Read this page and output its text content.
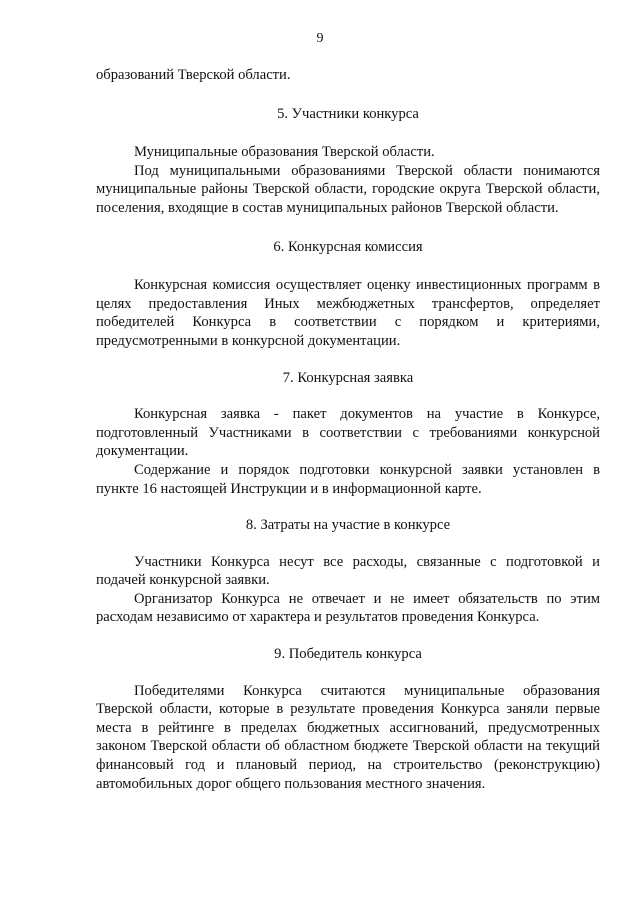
9

образований Тверской области.

5. Участники конкурса

Муниципальные образования Тверской области.

Под муниципальными образованиями Тверской области понимаются муниципальные районы Тверской области, городские округа Тверской области, поселения, входящие в состав муниципальных районов Тверской области.

6. Конкурсная комиссия

Конкурсная комиссия осуществляет оценку инвестиционных программ в целях предоставления Иных межбюджетных трансфертов, определяет победителей Конкурса в соответствии с порядком и критериями, предусмотренными в конкурсной документации.

7. Конкурсная заявка

Конкурсная заявка - пакет документов на участие в Конкурсе, подготовленный Участниками в соответствии с требованиями конкурсной документации.

Содержание и порядок подготовки конкурсной заявки установлен в пункте 16 настоящей Инструкции и в информационной карте.

8. Затраты на участие в конкурсе

Участники Конкурса несут все расходы, связанные с подготовкой и подачей конкурсной заявки.

Организатор Конкурса не отвечает и не имеет обязательств по этим расходам независимо от характера и результатов проведения Конкурса.

9. Победитель конкурса

Победителями Конкурса считаются муниципальные образования Тверской области, которые в результате проведения Конкурса заняли первые места в рейтинге в пределах бюджетных ассигнований, предусмотренных законом Тверской области об областном бюджете Тверской области на текущий финансовый год и плановый период, на строительство (реконструкцию) автомобильных дорог общего пользования местного значения.
